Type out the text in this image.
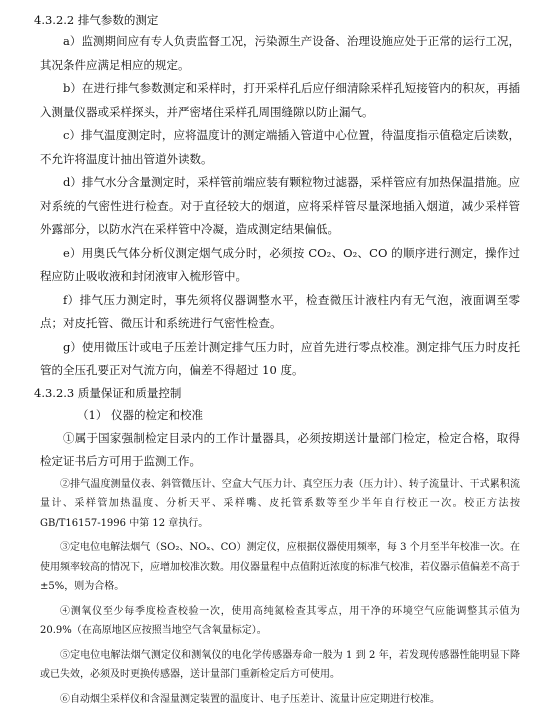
4.3.2.2 排气参数的测定

a）监测期间应有专人负责监督工况，污染源生产设备、治理设施应处于正常的运行工况，其况条件应满足相应的规定。

b）在进行排气参数测定和采样时，打开采样孔后应仔细清除采样孔短接管内的积灰，再插入测量仪器或采样探头，并严密堵住采样孔周围缝隙以防止漏气。

c）排气温度测定时，应将温度计的测定端插入管道中心位置，待温度指示值稳定后读数，不允许将温度计抽出管道外读数。

d）排气水分含量测定时，采样管前端应装有颗粒物过滤器，采样管应有加热保温措施。应对系统的气密性进行检查。对于直径较大的烟道，应将采样管尽量深地插入烟道，减少采样管外露部分，以防水汽在采样管中冷凝，造成测定结果偏低。

e）用奥氏气体分析仪测定烟气成分时，必须按 CO₂、O₂、CO 的顺序进行测定，操作过程应防止吸收液和封闭液审入梳形管中。

f）排气压力测定时，事先须将仪器调整水平，检查微压计液柱内有无气泡，液面调至零点；对皮托管、微压计和系统进行气密性检查。

g）使用微压计或电子压差计测定排气压力时，应首先进行零点校准。测定排气压力时皮托管的全压孔要正对气流方向，偏差不得超过 10 度。

4.3.2.3 质量保证和质量控制
（1） 仪器的检定和校准

①属于国家强制检定目录内的工作计量器具，必须按期送计量部门检定，检定合格，取得检定证书后方可用于监测工作。

②排气温度测量仪表、斜管微压计、空盒大气压力计、真空压力表（压力计）、转子流量计、干式累积流量计、采样管加热温度、分析天平、采样嘴、皮托管系数等至少半年自行校正一次。校正方法按 GB/T16157-1996 中第 12 章执行。

③定电位电解法烟气（SO₂、NOₓ、CO）测定仪，应根据仪器使用频率，每 3 个月至半年校准一次。在使用频率较高的情况下，应增加校准次数。用仪器量程中点值附近浓度的标准气校准，若仪器示值偏差不高于±5%，则为合格。

④测氧仪至少每季度检查校验一次，使用高纯氮检查其零点，用干净的环境空气应能调整其示值为 20.9%（在高原地区应按照当地空气含氧量标定）。

⑤定电位电解法烟气测定仪和测氧仪的电化学传感器寿命一般为 1 到 2 年，若发现传感器性能明显下降或已失效，必须及时更换传感器，送计量部门重新检定后方可使用。

⑥自动烟尘采样仪和含湿量测定装置的温度计、电子压差计、流量计应定期进行校准。
